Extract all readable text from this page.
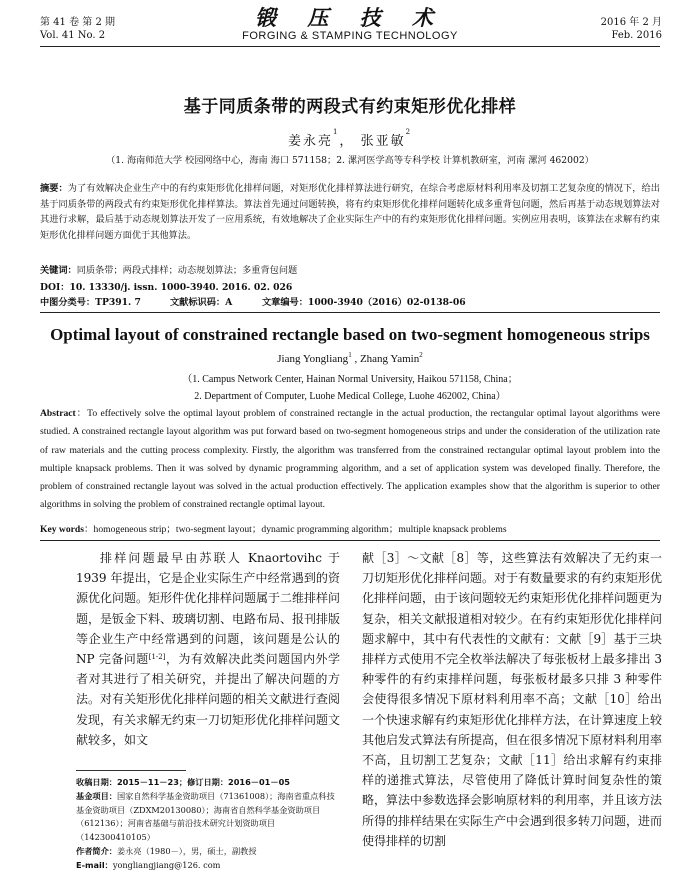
第 41 卷 第 2 期
Vol. 41 No. 2
锻 压 技 术
FORGING & STAMPING TECHNOLOGY
2016 年 2 月
Feb. 2016
基于同质条带的两段式有约束矩形优化排样
姜永亮$^1$， 张亚敏$^2$
（1. 海南师范大学 校园网络中心，海南 海口 571158；2. 漯河医学高等专科学校 计算机教研室，河南 漯河 462002）
摘要：为了有效解决企业生产中的有约束矩形优化排样问题，对矩形优化排样算法进行研究，在综合考虑原材料利用率及切割工艺复杂度的情况下，给出基于同质条带的两段式有约束矩形优化排样算法。算法首先通过问题转换，将有约束矩形优化排样问题转化成多重背包问题，然后再基于动态规划算法对其进行求解，最后基于动态规划算法开发了一应用系统，有效地解决了企业实际生产中的有约束矩形优化排样问题。实例应用表明，该算法在求解有约束矩形优化排样问题方面优于其他算法。
关键词：同质条带；两段式排样；动态规划算法；多重背包问题
DOI：10. 13330/j. issn. 1000-3940. 2016. 02. 026
中图分类号：TP391. 7	文献标识码：A	文章编号：1000-3940（2016）02-0138-06
Optimal layout of constrained rectangle based on two-segment homogeneous strips
Jiang Yongliang$^1$ , Zhang Yamin$^2$
（1. Campus Network Center, Hainan Normal University, Haikou 571158, China；
2. Department of Computer, Luohe Medical College, Luohe 462002, China）
Abstract：To effectively solve the optimal layout problem of constrained rectangle in the actual production, the rectangular optimal layout algorithms were studied. A constrained rectangle layout algorithm was put forward based on two-segment homogeneous strips and under the consideration of the utilization rate of raw materials and the cutting process complexity. Firstly, the algorithm was transferred from the constrained rectangular optimal layout problem into the multiple knapsack problems. Then it was solved by dynamic programming algorithm, and a set of application system was developed finally. Therefore, the problem of constrained rectangle layout was solved in the actual production effectively. The application examples show that the algorithm is superior to other algorithms in solving the problem of constrained rectangle optimal layout.
Key words：homogeneous strip；two-segment layout；dynamic programming algorithm；multiple knapsack problems
排样问题最早由苏联人 Knaortovihc 于 1939 年提出，它是企业实际生产中经常遇到的资源优化问题。矩形件优化排样问题属于二维排样问题，是钣金下料、玻璃切割、电路布局、报刊排版等企业生产中经常遇到的问题，该问题是公认的 NP 完备问题[1-2]，为有效解决此类问题国内外学者对其进行了相关研究，并提出了解决问题的方法。对有关矩形优化排样问题的相关文献进行查阅发现，有关求解无约束一刀切矩形优化排样问题文献较多，如文
献［3］～文献［8］等，这些算法有效解决了无约束一刀切矩形优化排样问题。对于有数量要求的有约束矩形优化排样问题，由于该问题较无约束矩形优化排样问题更为复杂，相关文献报道相对较少。在有约束矩形优化排样问题求解中，其中有代表性的文献有：文献［9］基于三块排样方式使用不完全枚举法解决了每张板材上最多排出 3 种零件的有约束排样问题，每张板材最多只排 3 种零件会使得很多情况下原材料利用率不高；文献［10］给出一个快速求解有约束矩形优化排样方法，在计算速度上较其他启发式算法有所提高，但在很多情况下原材料利用率不高，且切割工艺复杂；文献［11］给出求解有约束排样的递推式算法，尽管使用了降低计算时间复杂性的策略，算法中参数选择会影响原材料的利用率，并且该方法所得的排样结果在实际生产中会遇到很多转刀问题，进而使得排样的切割

收稿日期：2015－11－23；修订日期：2016－01－05

基金项目：国家自然科学基金资助项目（71361008）；海南省重点科技基金资助项目（ZDXM20130080）；海南省自然科学基金资助项目（612136）；河南省基础与前沿技术研究计划资助项目（142300410105）

作者简介：姜永亮（1980－），男，硕士，副教授

E-mail：yongliangjiang@126. com
